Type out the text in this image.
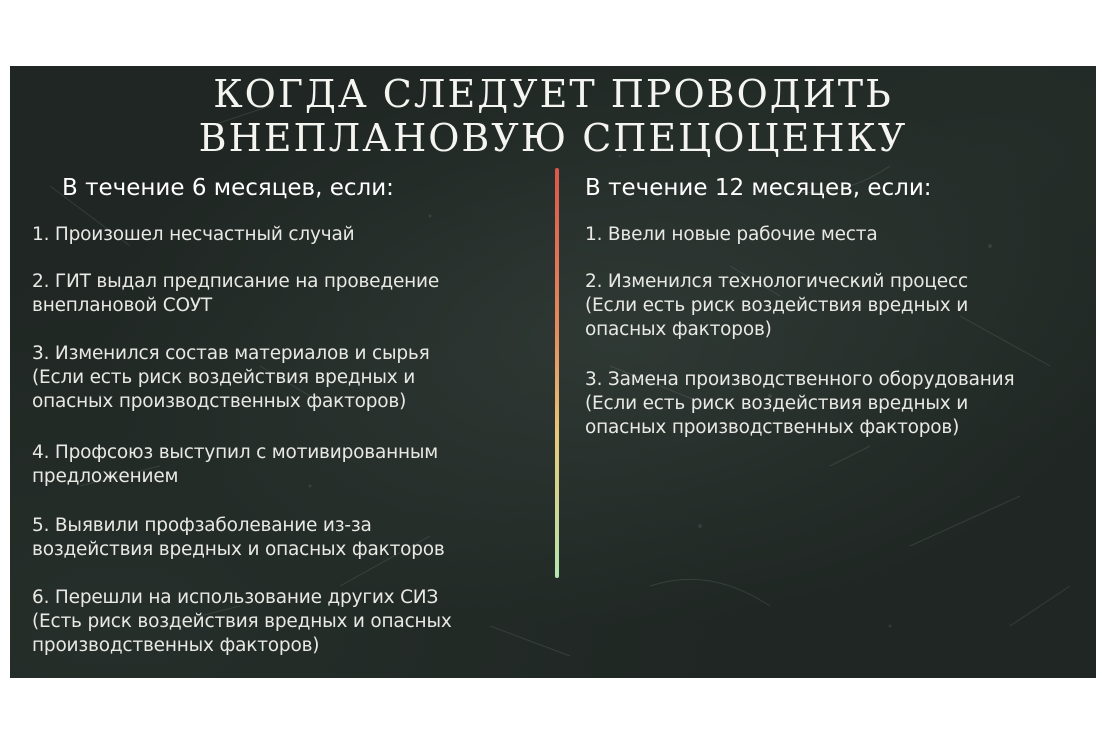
КОГДА СЛЕДУЕТ ПРОВОДИТЬ
ВНЕПЛАНОВУЮ СПЕЦОЦЕНКУ
В течение 6 месяцев, если:	В течение 12 месяцев, если:
1. Произошел несчастный случай
2. ГИТ выдал предписание на проведение
внеплановой СОУТ
3. Изменился состав материалов и сырья
(Если есть риск воздействия вредных и
опасных производственных факторов)
4. Профсоюз выступил с мотивированным
предложением
5. Выявили профзаболевание из-за
воздействия вредных и опасных факторов
6. Перешли на использование других СИЗ
(Есть риск воздействия вредных и опасных
производственных факторов)
1. Ввели новые рабочие места
2. Изменился технологический процесс
(Если есть риск воздействия вредных и
опасных факторов)
3. Замена производственного оборудования
(Если есть риск воздействия вредных и
опасных производственных факторов)
